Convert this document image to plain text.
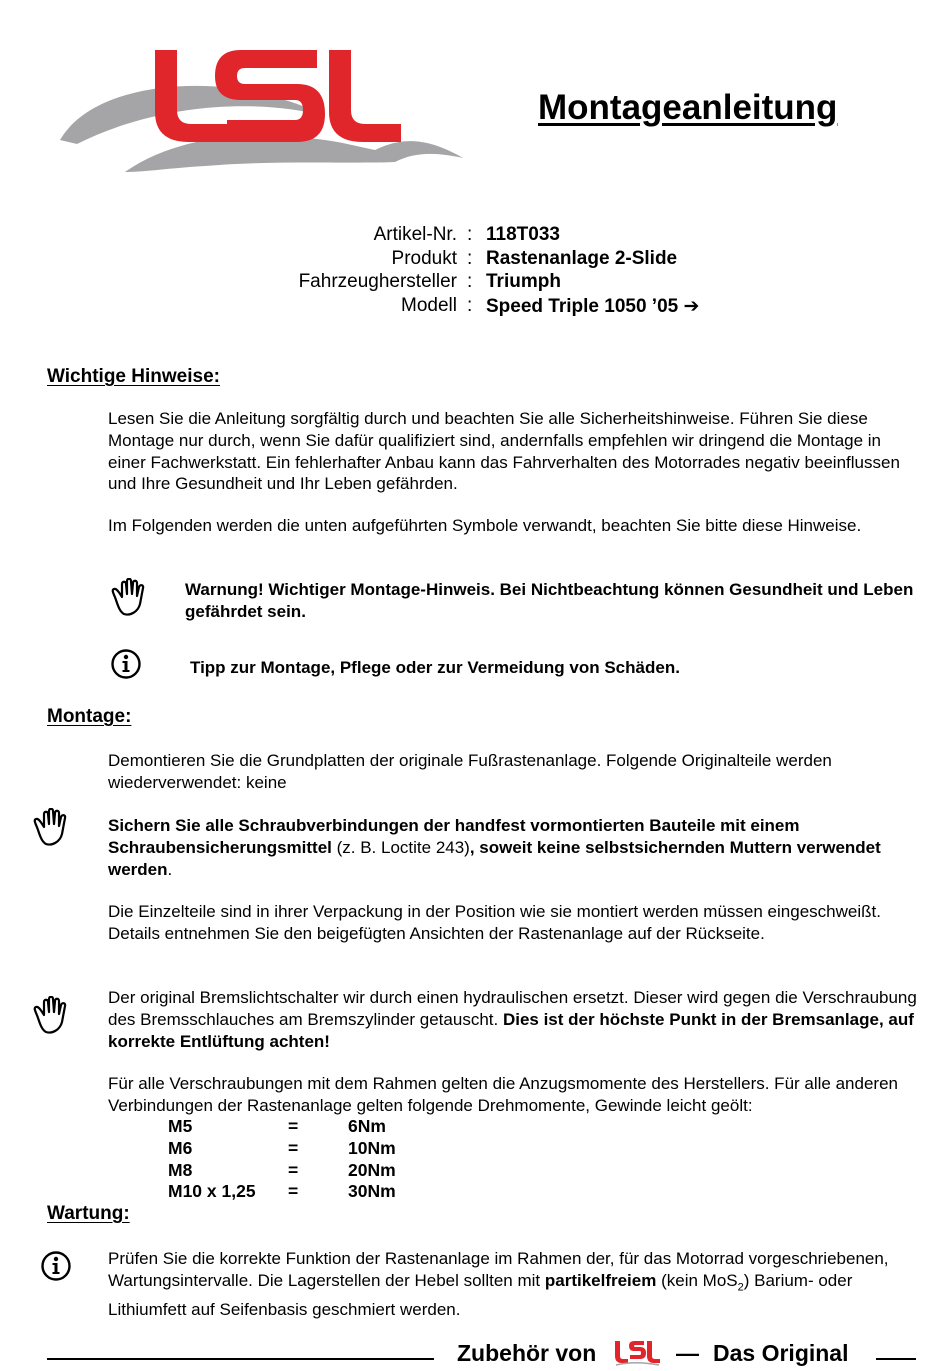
Montageanleitung
Artikel-Nr. : 118T033
Produkt : Rastenanlage 2-Slide
Fahrzeughersteller : Triumph
Modell : Speed Triple 1050 ’05 ➔
Wichtige Hinweise:
Lesen Sie die Anleitung sorgfältig durch und beachten Sie alle Sicherheitshinweise. Führen Sie diese Montage nur durch, wenn Sie dafür qualifiziert sind, andernfalls empfehlen wir dringend die Montage in einer Fachwerkstatt. Ein fehlerhafter Anbau kann das Fahrverhalten des Motorrades negativ beeinflussen und Ihre Gesundheit und Ihr Leben gefährden.
Im Folgenden werden die unten aufgeführten Symbole verwandt, beachten Sie bitte diese Hinweise.
Warnung! Wichtiger Montage-Hinweis. Bei Nichtbeachtung können Gesundheit und Leben gefährdet sein.
Tipp zur Montage, Pflege oder zur Vermeidung von Schäden.
Montage:
Demontieren Sie die Grundplatten der originale Fußrastenanlage. Folgende Originalteile werden wiederverwendet: keine
Sichern Sie alle Schraubverbindungen der handfest vormontierten Bauteile mit einem Schraubensicherungsmittel (z. B. Loctite 243), soweit keine selbstsichernden Muttern verwendet werden.
Die Einzelteile sind in ihrer Verpackung in der Position wie sie montiert werden müssen eingeschweißt. Details entnehmen Sie den beigefügten Ansichten der Rastenanlage auf der Rückseite.
Der original Bremslichtschalter wir durch einen hydraulischen ersetzt. Dieser wird gegen die Verschraubung des Bremsschlauches am Bremszylinder getauscht. Dies ist der höchste Punkt in der Bremsanlage, auf korrekte Entlüftung achten!
Für alle Verschraubungen mit dem Rahmen gelten die Anzugsmomente des Herstellers. Für alle anderen Verbindungen der Rastenanlage gelten folgende Drehmomente, Gewinde leicht geölt:
M5	=	6Nm
M6	=	10Nm
M8	=	20Nm
M10 x 1,25 =	30Nm
Wartung:
Prüfen Sie die korrekte Funktion der Rastenanlage im Rahmen der, für das Motorrad vorgeschriebenen, Wartungsintervalle. Die Lagerstellen der Hebel sollten mit partikelfreiem (kein MoS$_2$) Barium- oder Lithiumfett auf Seifenbasis geschmiert werden.
Zubehör von	— Das Original
